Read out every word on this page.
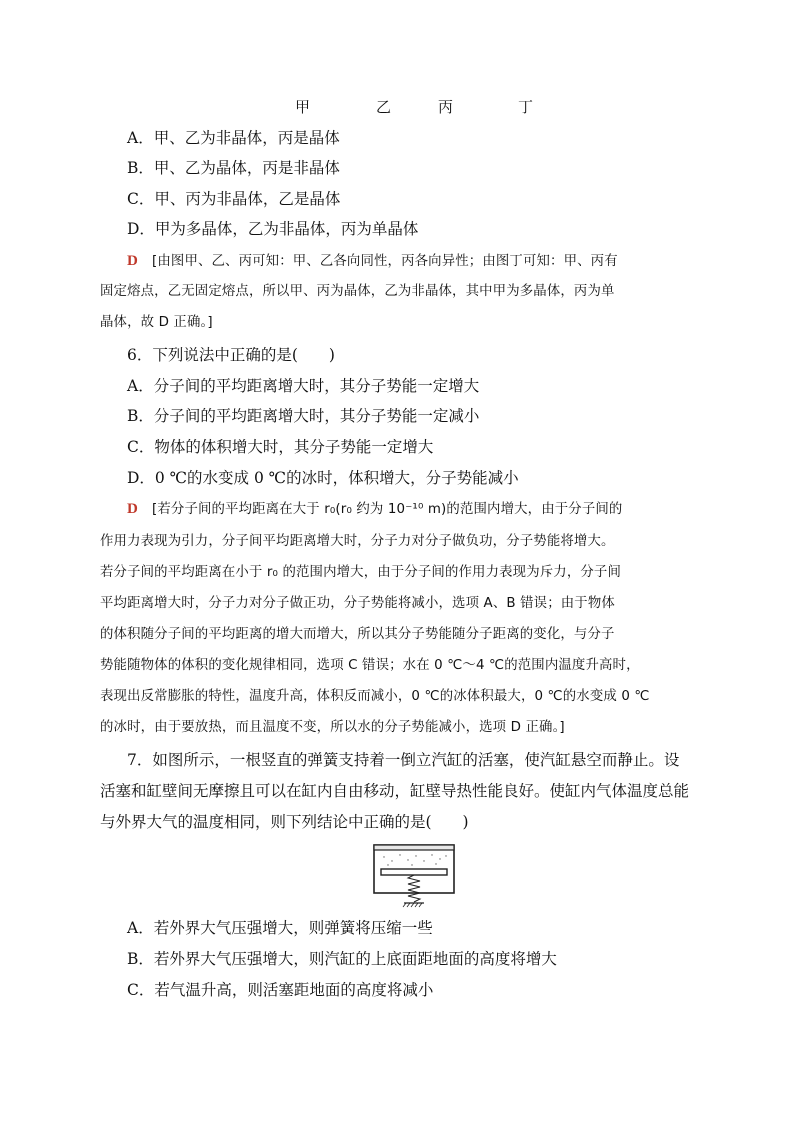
甲	乙	丙	丁
A．甲、乙为非晶体，丙是晶体
B．甲、乙为晶体，丙是非晶体
C．甲、丙为非晶体，乙是晶体
D．甲为多晶体，乙为非晶体，丙为单晶体
D [由图甲、乙、丙可知：甲、乙各向同性，丙各向异性；由图丁可知：甲、丙有
固定熔点，乙无固定熔点，所以甲、丙为晶体，乙为非晶体，其中甲为多晶体，丙为单
晶体，故 D 正确。]
6．下列说法中正确的是(　　)
A．分子间的平均距离增大时，其分子势能一定增大
B．分子间的平均距离增大时，其分子势能一定减小
C．物体的体积增大时，其分子势能一定增大
D．0 ℃的水变成 0 ℃的冰时，体积增大，分子势能减小
D [若分子间的平均距离在大于 r₀(r₀ 约为 10⁻¹⁰ m)的范围内增大，由于分子间的
作用力表现为引力，分子间平均距离增大时，分子力对分子做负功，分子势能将增大。
若分子间的平均距离在小于 r₀ 的范围内增大，由于分子间的作用力表现为斥力，分子间
平均距离增大时，分子力对分子做正功，分子势能将减小，选项 A、B 错误；由于物体
的体积随分子间的平均距离的增大而增大，所以其分子势能随分子距离的变化，与分子
势能随物体的体积的变化规律相同，选项 C 错误；水在 0 ℃～4 ℃的范围内温度升高时，
表现出反常膨胀的特性，温度升高，体积反而减小，0 ℃的冰体积最大，0 ℃的水变成 0 ℃
的冰时，由于要放热，而且温度不变，所以水的分子势能减小，选项 D 正确。]
7．如图所示，一根竖直的弹簧支持着一倒立汽缸的活塞，使汽缸悬空而静止。设
活塞和缸壁间无摩擦且可以在缸内自由移动，缸壁导热性能良好。使缸内气体温度总能
与外界大气的温度相同，则下列结论中正确的是(　　)
A．若外界大气压强增大，则弹簧将压缩一些
B．若外界大气压强增大，则汽缸的上底面距地面的高度将增大
C．若气温升高，则活塞距地面的高度将减小
